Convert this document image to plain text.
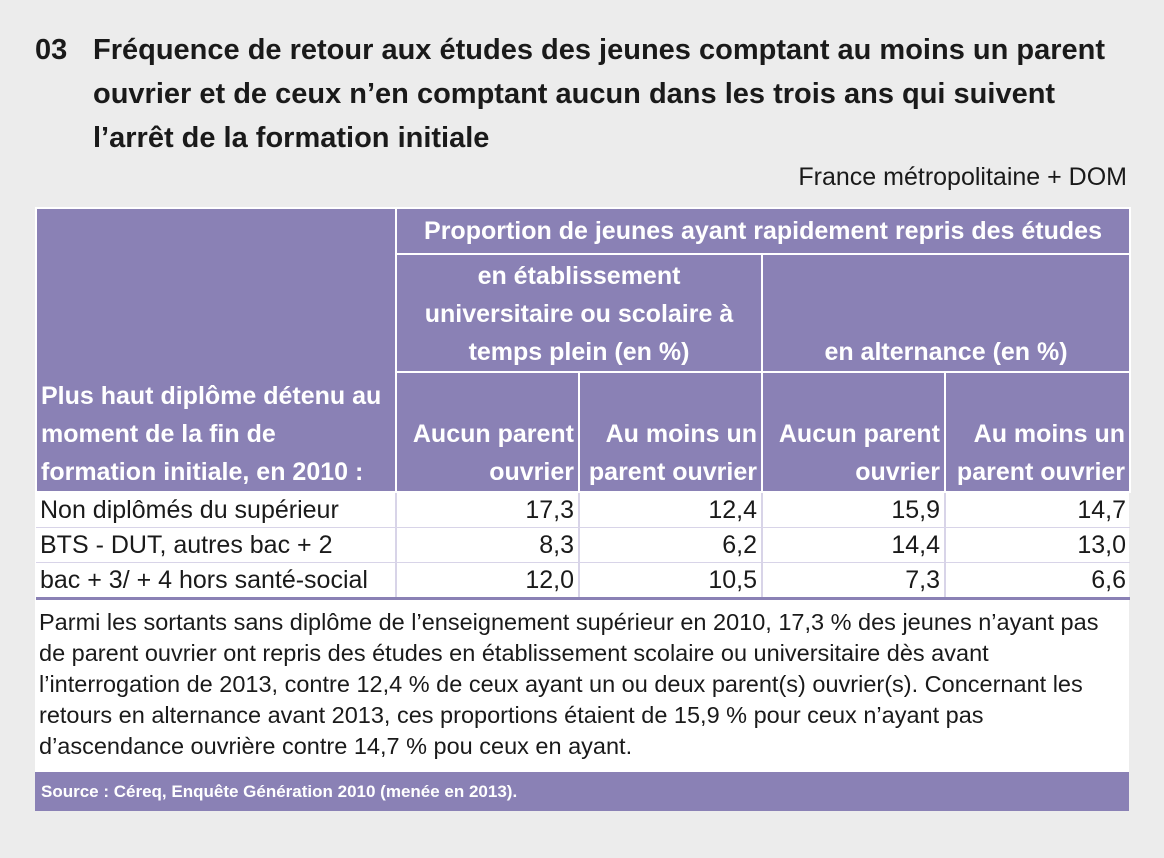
03 Fréquence de retour aux études des jeunes comptant au moins un parent ouvrier et de ceux n’en comptant aucun dans les trois ans qui suivent l’arrêt de la formation initiale
France métropolitaine + DOM
Plus haut diplôme détenu au moment de la fin de formation initiale, en 2010 :	Proportion de jeunes ayant rapidement repris des études			
	en établissement universitaire ou scolaire à temps plein (en %)		en alternance (en %)	
	Aucun parent ouvrier	Au moins un parent ouvrier	Aucun parent ouvrier	Au moins un parent ouvrier
Non diplômés du supérieur	17,3	12,4	15,9	14,7
BTS - DUT, autres bac + 2	8,3	6,2	14,4	13,0
bac + 3/ + 4 hors santé-social	12,0	10,5	7,3	6,6
Parmi les sortants sans diplôme de l’enseignement supérieur en 2010, 17,3 % des jeunes n’ayant pas de parent ouvrier ont repris des études en établissement scolaire ou universitaire dès avant l’interrogation de 2013, contre 12,4 % de ceux ayant un ou deux parent(s) ouvrier(s). Concernant les retours en alternance avant 2013, ces proportions étaient de 15,9 % pour ceux n’ayant pas d’ascendance ouvrière contre 14,7 % pou ceux en ayant.
Source : Céreq, Enquête Génération 2010 (menée en 2013).
